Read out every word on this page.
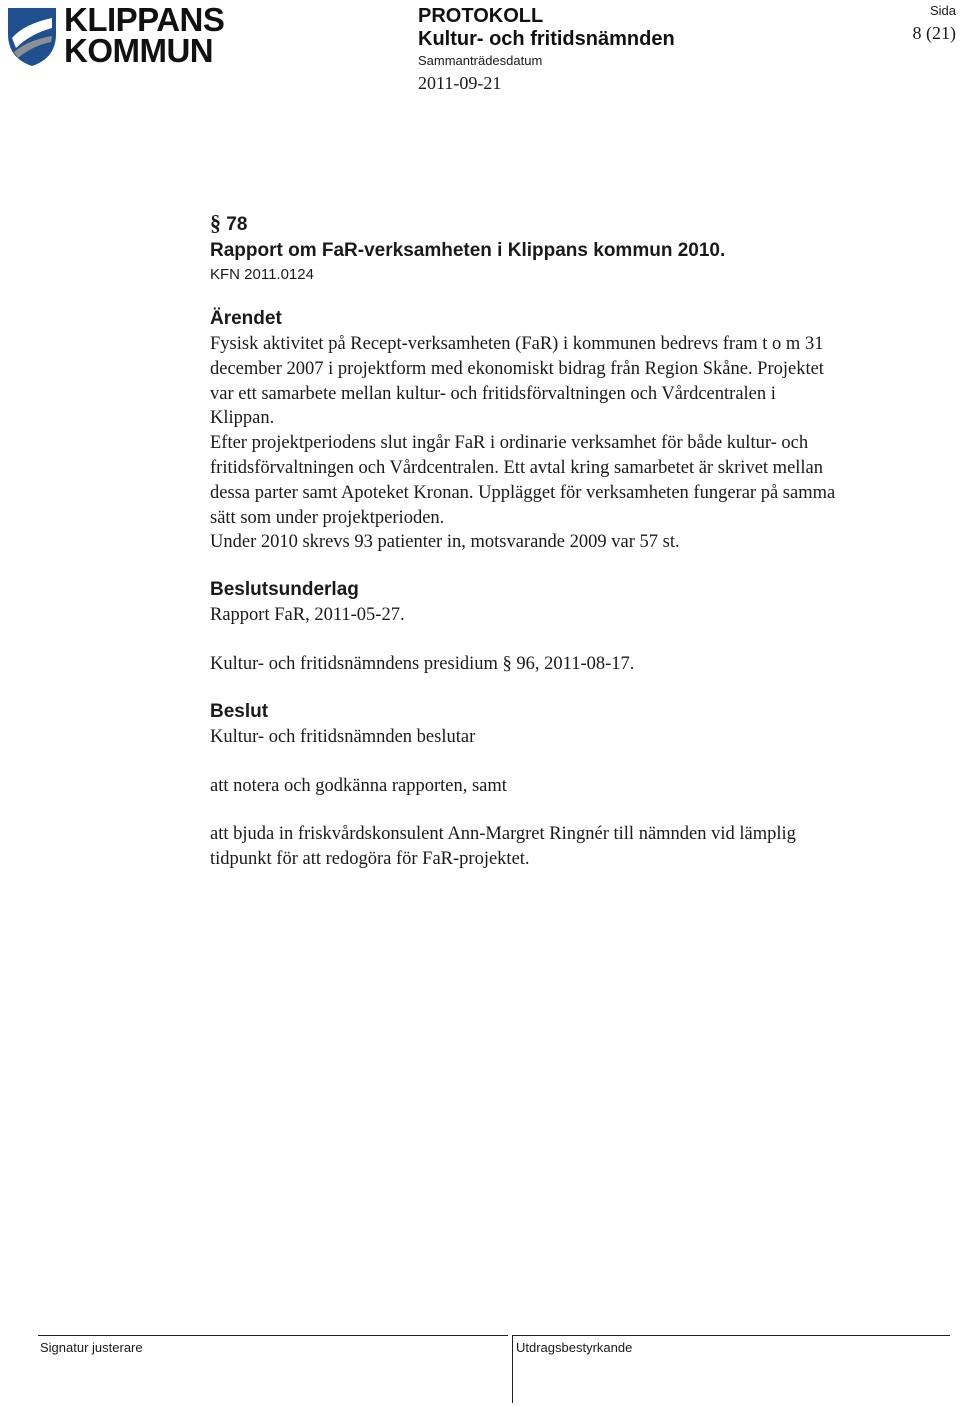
KLIPPANS
KOMMUN
PROTOKOLL
Kultur- och fritidsnämnden
Sammanträdesdatum
2011-09-21
Sida
8 (21)
§ 78
Rapport om FaR-verksamheten i Klippans kommun 2010.
KFN 2011.0124
Ärendet
Fysisk aktivitet på Recept-verksamheten (FaR) i kommunen bedrevs fram t o m 31
december 2007 i projektform med ekonomiskt bidrag från Region Skåne. Projektet
var ett samarbete mellan kultur- och fritidsförvaltningen och Vårdcentralen i
Klippan.
Efter projektperiodens slut ingår FaR i ordinarie verksamhet för både kultur- och
fritidsförvaltningen och Vårdcentralen. Ett avtal kring samarbetet är skrivet mellan
dessa parter samt Apoteket Kronan. Upplägget för verksamheten fungerar på samma
sätt som under projektperioden.
Under 2010 skrevs 93 patienter in, motsvarande 2009 var 57 st.
Beslutsunderlag
Rapport FaR, 2011-05-27.
Kultur- och fritidsnämndens presidium § 96, 2011-08-17.
Beslut
Kultur- och fritidsnämnden beslutar
att notera och godkänna rapporten, samt
att bjuda in friskvårdskonsulent Ann-Margret Ringnér till nämnden vid lämplig
tidpunkt för att redogöra för FaR-projektet.
Signatur justerare	Utdragsbestyrkande
